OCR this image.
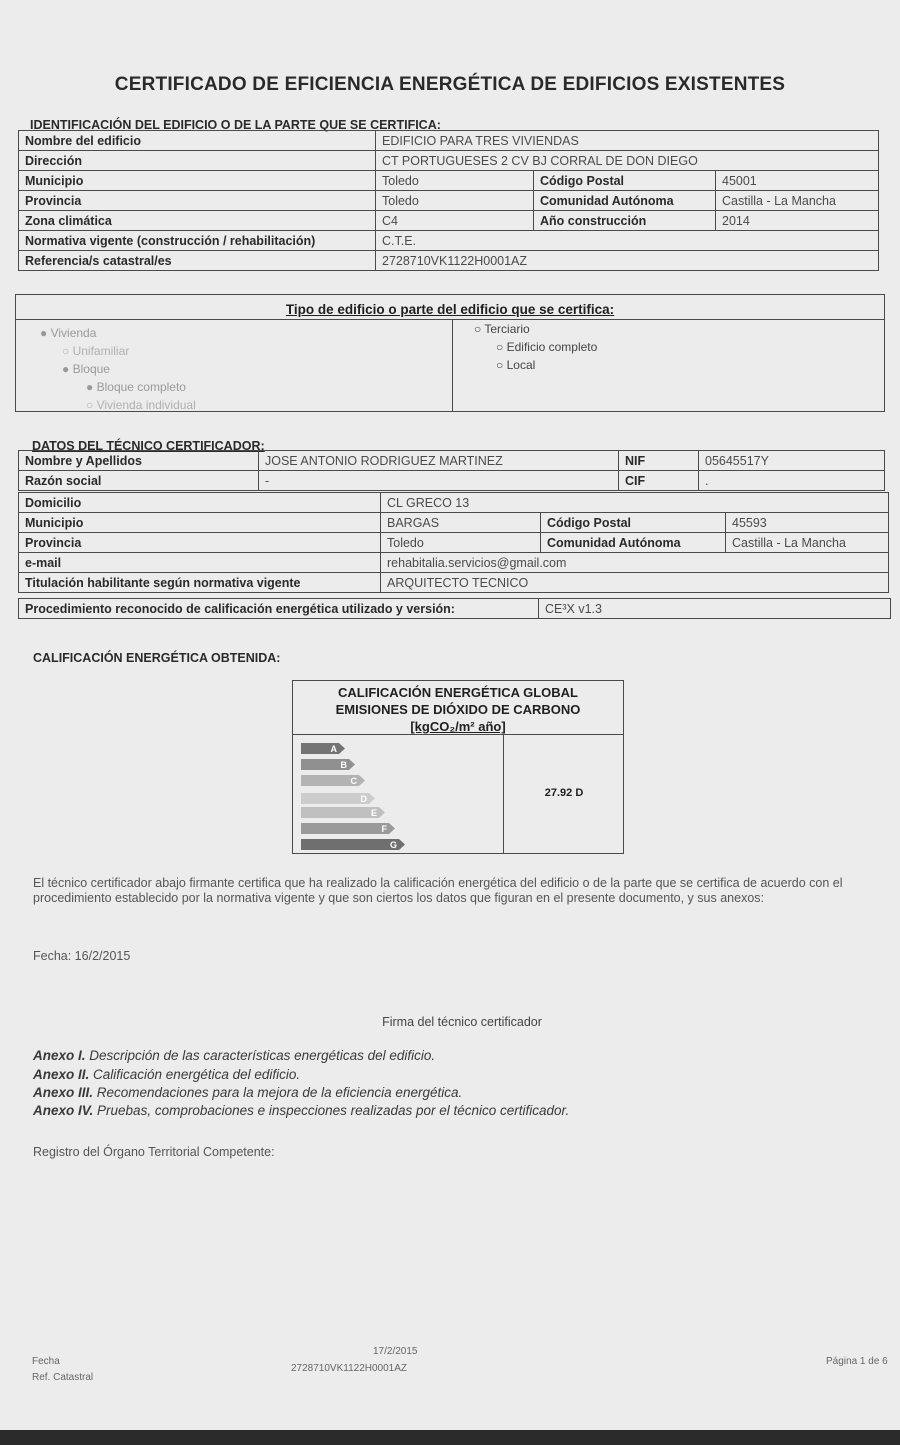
CERTIFICADO DE EFICIENCIA ENERGÉTICA DE EDIFICIOS EXISTENTES
IDENTIFICACIÓN DEL EDIFICIO O DE LA PARTE QUE SE CERTIFICA:
Nombre del edificio	EDIFICIO PARA TRES VIVIENDAS		
Dirección	CT PORTUGUESES 2 CV BJ CORRAL DE DON DIEGO		
Municipio	Toledo	Código Postal	45001
Provincia	Toledo	Comunidad Autónoma	Castilla - La Mancha
Zona climática	C4	Año construcción	2014
Normativa vigente (construcción / rehabilitación)	C.T.E.		
Referencia/s catastral/es	2728710VK1122H0001AZ		
Tipo de edificio o parte del edificio que se certifica:
● Vivienda
○ Unifamiliar
● Bloque
● Bloque completo
○ Vivienda individual
○ Terciario
○ Edificio completo
○ Local
DATOS DEL TÉCNICO CERTIFICADOR:
Nombre y Apellidos	JOSE ANTONIO RODRIGUEZ MARTINEZ	NIF	05645517Y
Razón social	-	CIF	.
Domicilio	CL GRECO 13		
Municipio	BARGAS	Código Postal	45593
Provincia	Toledo	Comunidad Autónoma	Castilla - La Mancha
e-mail	rehabitalia.servicios@gmail.com		
Titulación habilitante según normativa vigente	ARQUITECTO TECNICO		
Procedimiento reconocido de calificación energética utilizado y versión:	CE³X v1.3
CALIFICACIÓN ENERGÉTICA OBTENIDA:
CALIFICACIÓN ENERGÉTICA GLOBAL
EMISIONES DE DIÓXIDO DE CARBONO
[kgCO₂/m² año]
A
B
C
D
E
F
G
27.92 D
El técnico certificador abajo firmante certifica que ha realizado la calificación energética del edificio o de la parte que se certifica de acuerdo con el procedimiento establecido por la normativa vigente y que son ciertos los datos que figuran en el presente documento, y sus anexos:
Fecha: 16/2/2015
Firma del técnico certificador
Anexo I. Descripción de las características energéticas del edificio.
Anexo II. Calificación energética del edificio.
Anexo III. Recomendaciones para la mejora de la eficiencia energética.
Anexo IV. Pruebas, comprobaciones e inspecciones realizadas por el técnico certificador.
Registro del Órgano Territorial Competente:
Fecha
Ref. Catastral
17/2/2015
2728710VK1122H0001AZ
Página 1 de 6
